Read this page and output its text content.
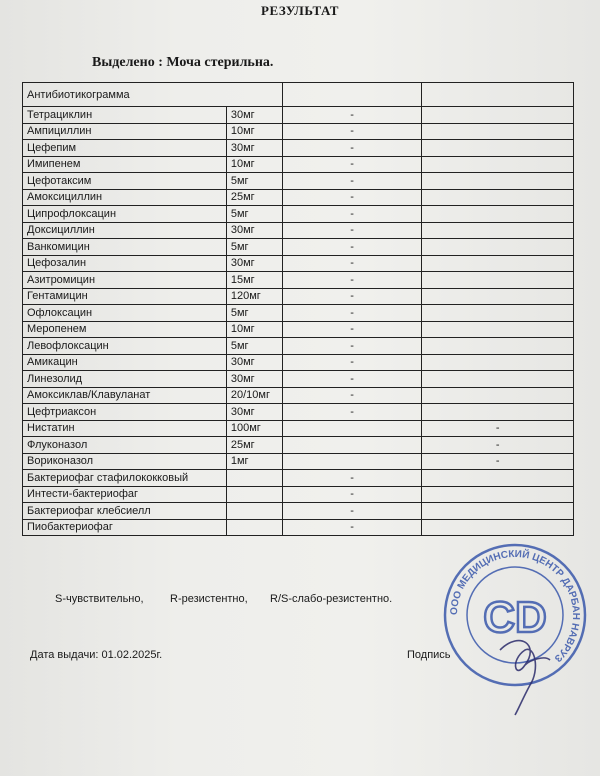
РЕЗУЛЬТАТ
Выделено : Моча стерильна.
Антибиотикограмма			
Тетрациклин	30мг	-	
Ампициллин	10мг	-	
Цефепим	30мг	-	
Имипенем	10мг	-	
Цефотаксим	5мг	-	
Амоксициллин	25мг	-	
Ципрофлоксацин	5мг	-	
Доксициллин	30мг	-	
Ванкомицин	5мг	-	
Цефозалин	30мг	-	
Азитромицин	15мг	-	
Гентамицин	120мг	-	
Офлоксацин	5мг	-	
Меропенем	10мг	-	
Левофлоксацин	5мг	-	
Амикацин	30мг	-	
Линезолид	30мг	-	
Амоксиклав/Клавуланат	20/10мг	-	
Цефтриаксон	30мг	-	
Нистатин	100мг		-
Флуконазол	25мг		-
Вориконазол	1мг		-
Бактериофаг стафилококковый		-	
Интести-бактериофаг		-	
Бактериофаг клебсиелл		-	
Пиобактериофаг		-	
S-чувствительно, R-резистентно, R/S-слабо-резистентно.
Дата выдачи: 01.02.2025г.	Подпись
ООО МЕДИЦИНСКИЙ ЦЕНТР ДАРБАН НАВРУЗ
CD
